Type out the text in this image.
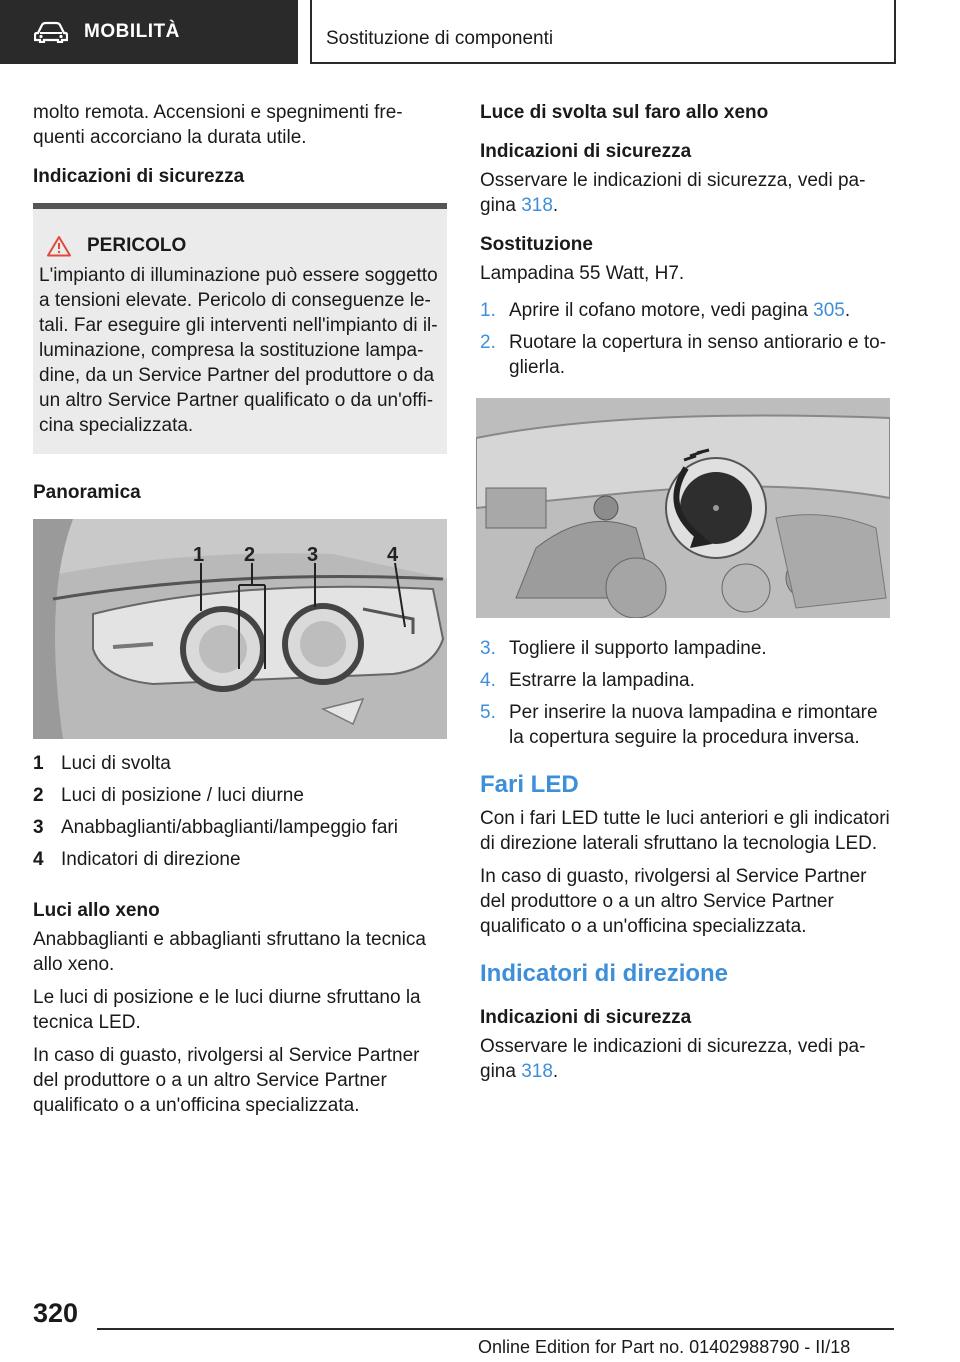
MOBILITÀ	Sostituzione di componenti

molto remota. Accensioni e spegnimenti fre-quenti accorciano la durata utile.

Indicazioni di sicurezza
PERICOLO
L'impianto di illuminazione può essere soggetto a tensioni elevate. Pericolo di conseguenze le-tali. Far eseguire gli interventi nell'impianto di il-luminazione, compresa la sostituzione lampa-dine, da un Service Partner del produttore o da un altro Service Partner qualificato o da un'offi-cina specializzata.
Panoramica
1 2	3	4
1 Luci di svolta
2 Luci di posizione / luci diurne
3 Anabbaglianti/abbaglianti/lampeggio fari
4 Indicatori di direzione
Luci allo xeno

Anabbaglianti e abbaglianti sfruttano la tecnica allo xeno.

Le luci di posizione e le luci diurne sfruttano la tecnica LED.

In caso di guasto, rivolgersi al Service Partner del produttore o a un altro Service Partner qualificato o a un'officina specializzata.

Luce di svolta sul faro allo xeno
Indicazioni di sicurezza

Osservare le indicazioni di sicurezza, vedi pa-gina 318.

Sostituzione

Lampadina 55 Watt, H7.

1. Aprire il cofano motore, vedi pagina 305.
2. Ruotare la copertura in senso antiorario e to-glierla.
3. Togliere il supporto lampadine.
4. Estrarre la lampadina.
5. Per inserire la nuova lampadina e rimontare la copertura seguire la procedura inversa.
Fari LED

Con i fari LED tutte le luci anteriori e gli indicatori di direzione laterali sfruttano la tecnologia LED.

In caso di guasto, rivolgersi al Service Partner del produttore o a un altro Service Partner qualificato o a un'officina specializzata.

Indicatori di direzione
Indicazioni di sicurezza

Osservare le indicazioni di sicurezza, vedi pa-gina 318.

320
Online Edition for Part no. 01402988790 - II/18
